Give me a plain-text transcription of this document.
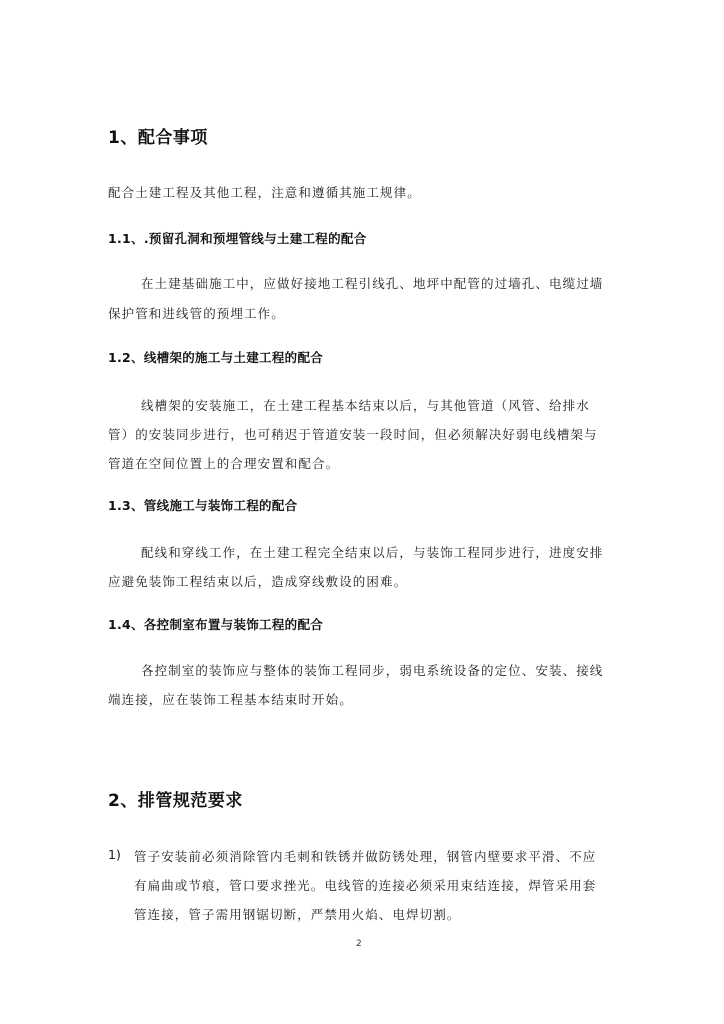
1、配合事项
配合土建工程及其他工程，注意和遵循其施工规律。
1.1、.预留孔洞和预埋管线与土建工程的配合
在土建基础施工中，应做好接地工程引线孔、地坪中配管的过墙孔、电缆过墙
保护管和进线管的预埋工作。
1.2、线槽架的施工与土建工程的配合
线槽架的安装施工，在土建工程基本结束以后，与其他管道（风管、给排水
管）的安装同步进行，也可稍迟于管道安装一段时间，但必须解决好弱电线槽架与
管道在空间位置上的合理安置和配合。
1.3、管线施工与装饰工程的配合
配线和穿线工作，在土建工程完全结束以后，与装饰工程同步进行，进度安排
应避免装饰工程结束以后，造成穿线敷设的困难。
1.4、各控制室布置与装饰工程的配合
各控制室的装饰应与整体的装饰工程同步，弱电系统设备的定位、安装、接线
端连接，应在装饰工程基本结束时开始。
2、排管规范要求
1) 管子安装前必须消除管内毛刺和铁锈并做防锈处理，钢管内壁要求平滑、不应
有扁曲或节痕，管口要求挫光。电线管的连接必须采用束结连接，焊管采用套
管连接，管子需用钢锯切断，严禁用火焰、电焊切割。
2
